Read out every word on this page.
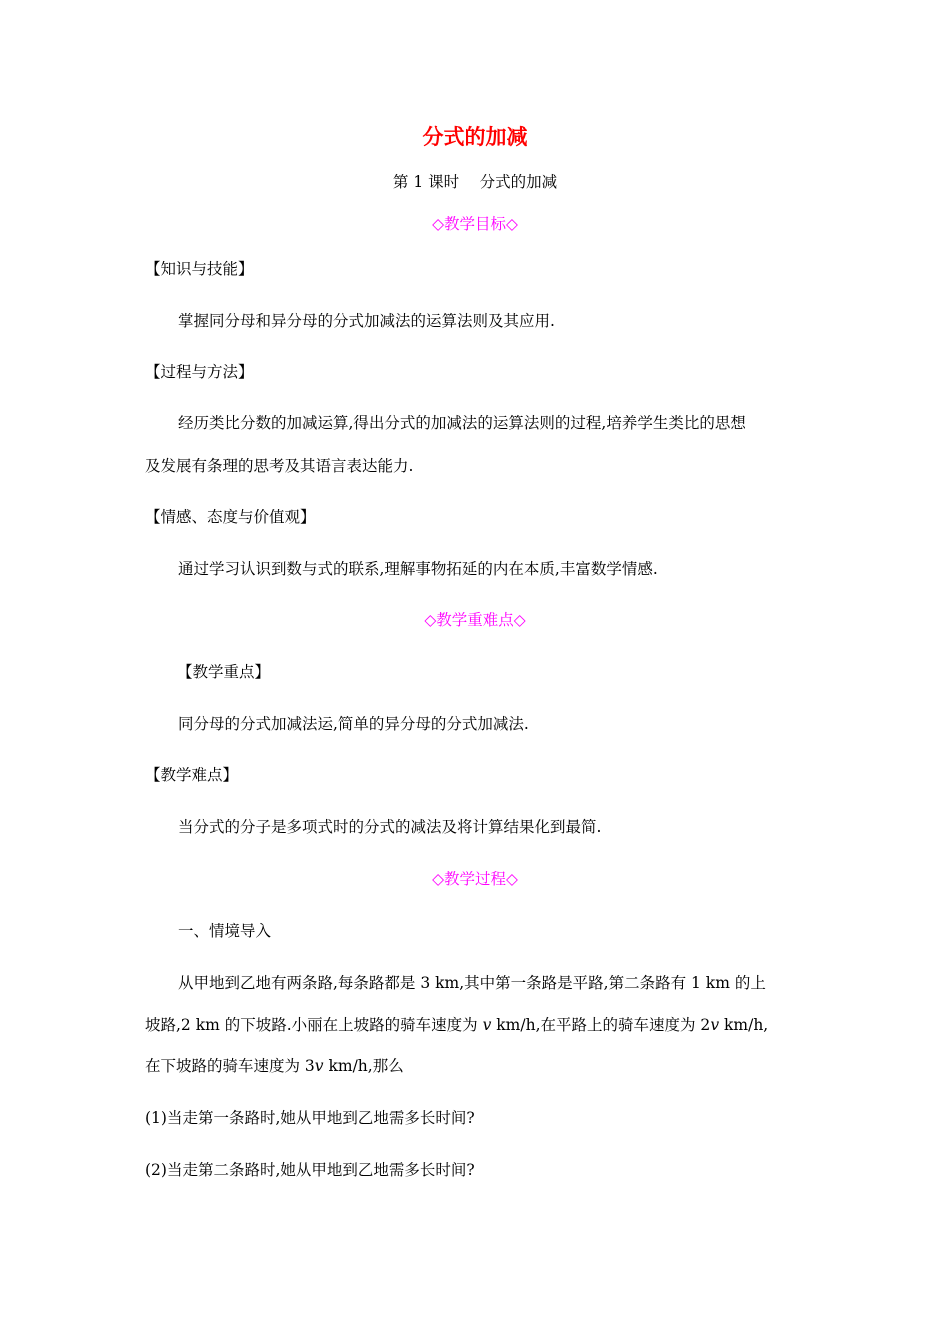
分式的加减
第 1 课时　 分式的加减
◇教学目标◇
【知识与技能】
掌握同分母和异分母的分式加减法的运算法则及其应用.
【过程与方法】
经历类比分数的加减运算,得出分式的加减法的运算法则的过程,培养学生类比的思想
及发展有条理的思考及其语言表达能力.
【情感、态度与价值观】
通过学习认识到数与式的联系,理解事物拓延的内在本质,丰富数学情感.
◇教学重难点◇
【教学重点】
同分母的分式加减法运,简单的异分母的分式加减法.
【教学难点】
当分式的分子是多项式时的分式的减法及将计算结果化到最简.
◇教学过程◇
一、情境导入
从甲地到乙地有两条路,每条路都是 3 km,其中第一条路是平路,第二条路有 1 km 的上
坡路,2 km 的下坡路.小丽在上坡路的骑车速度为 v km/h,在平路上的骑车速度为 2v km/h,
在下坡路的骑车速度为 3v km/h,那么
(1)当走第一条路时,她从甲地到乙地需多长时间?
(2)当走第二条路时,她从甲地到乙地需多长时间?
